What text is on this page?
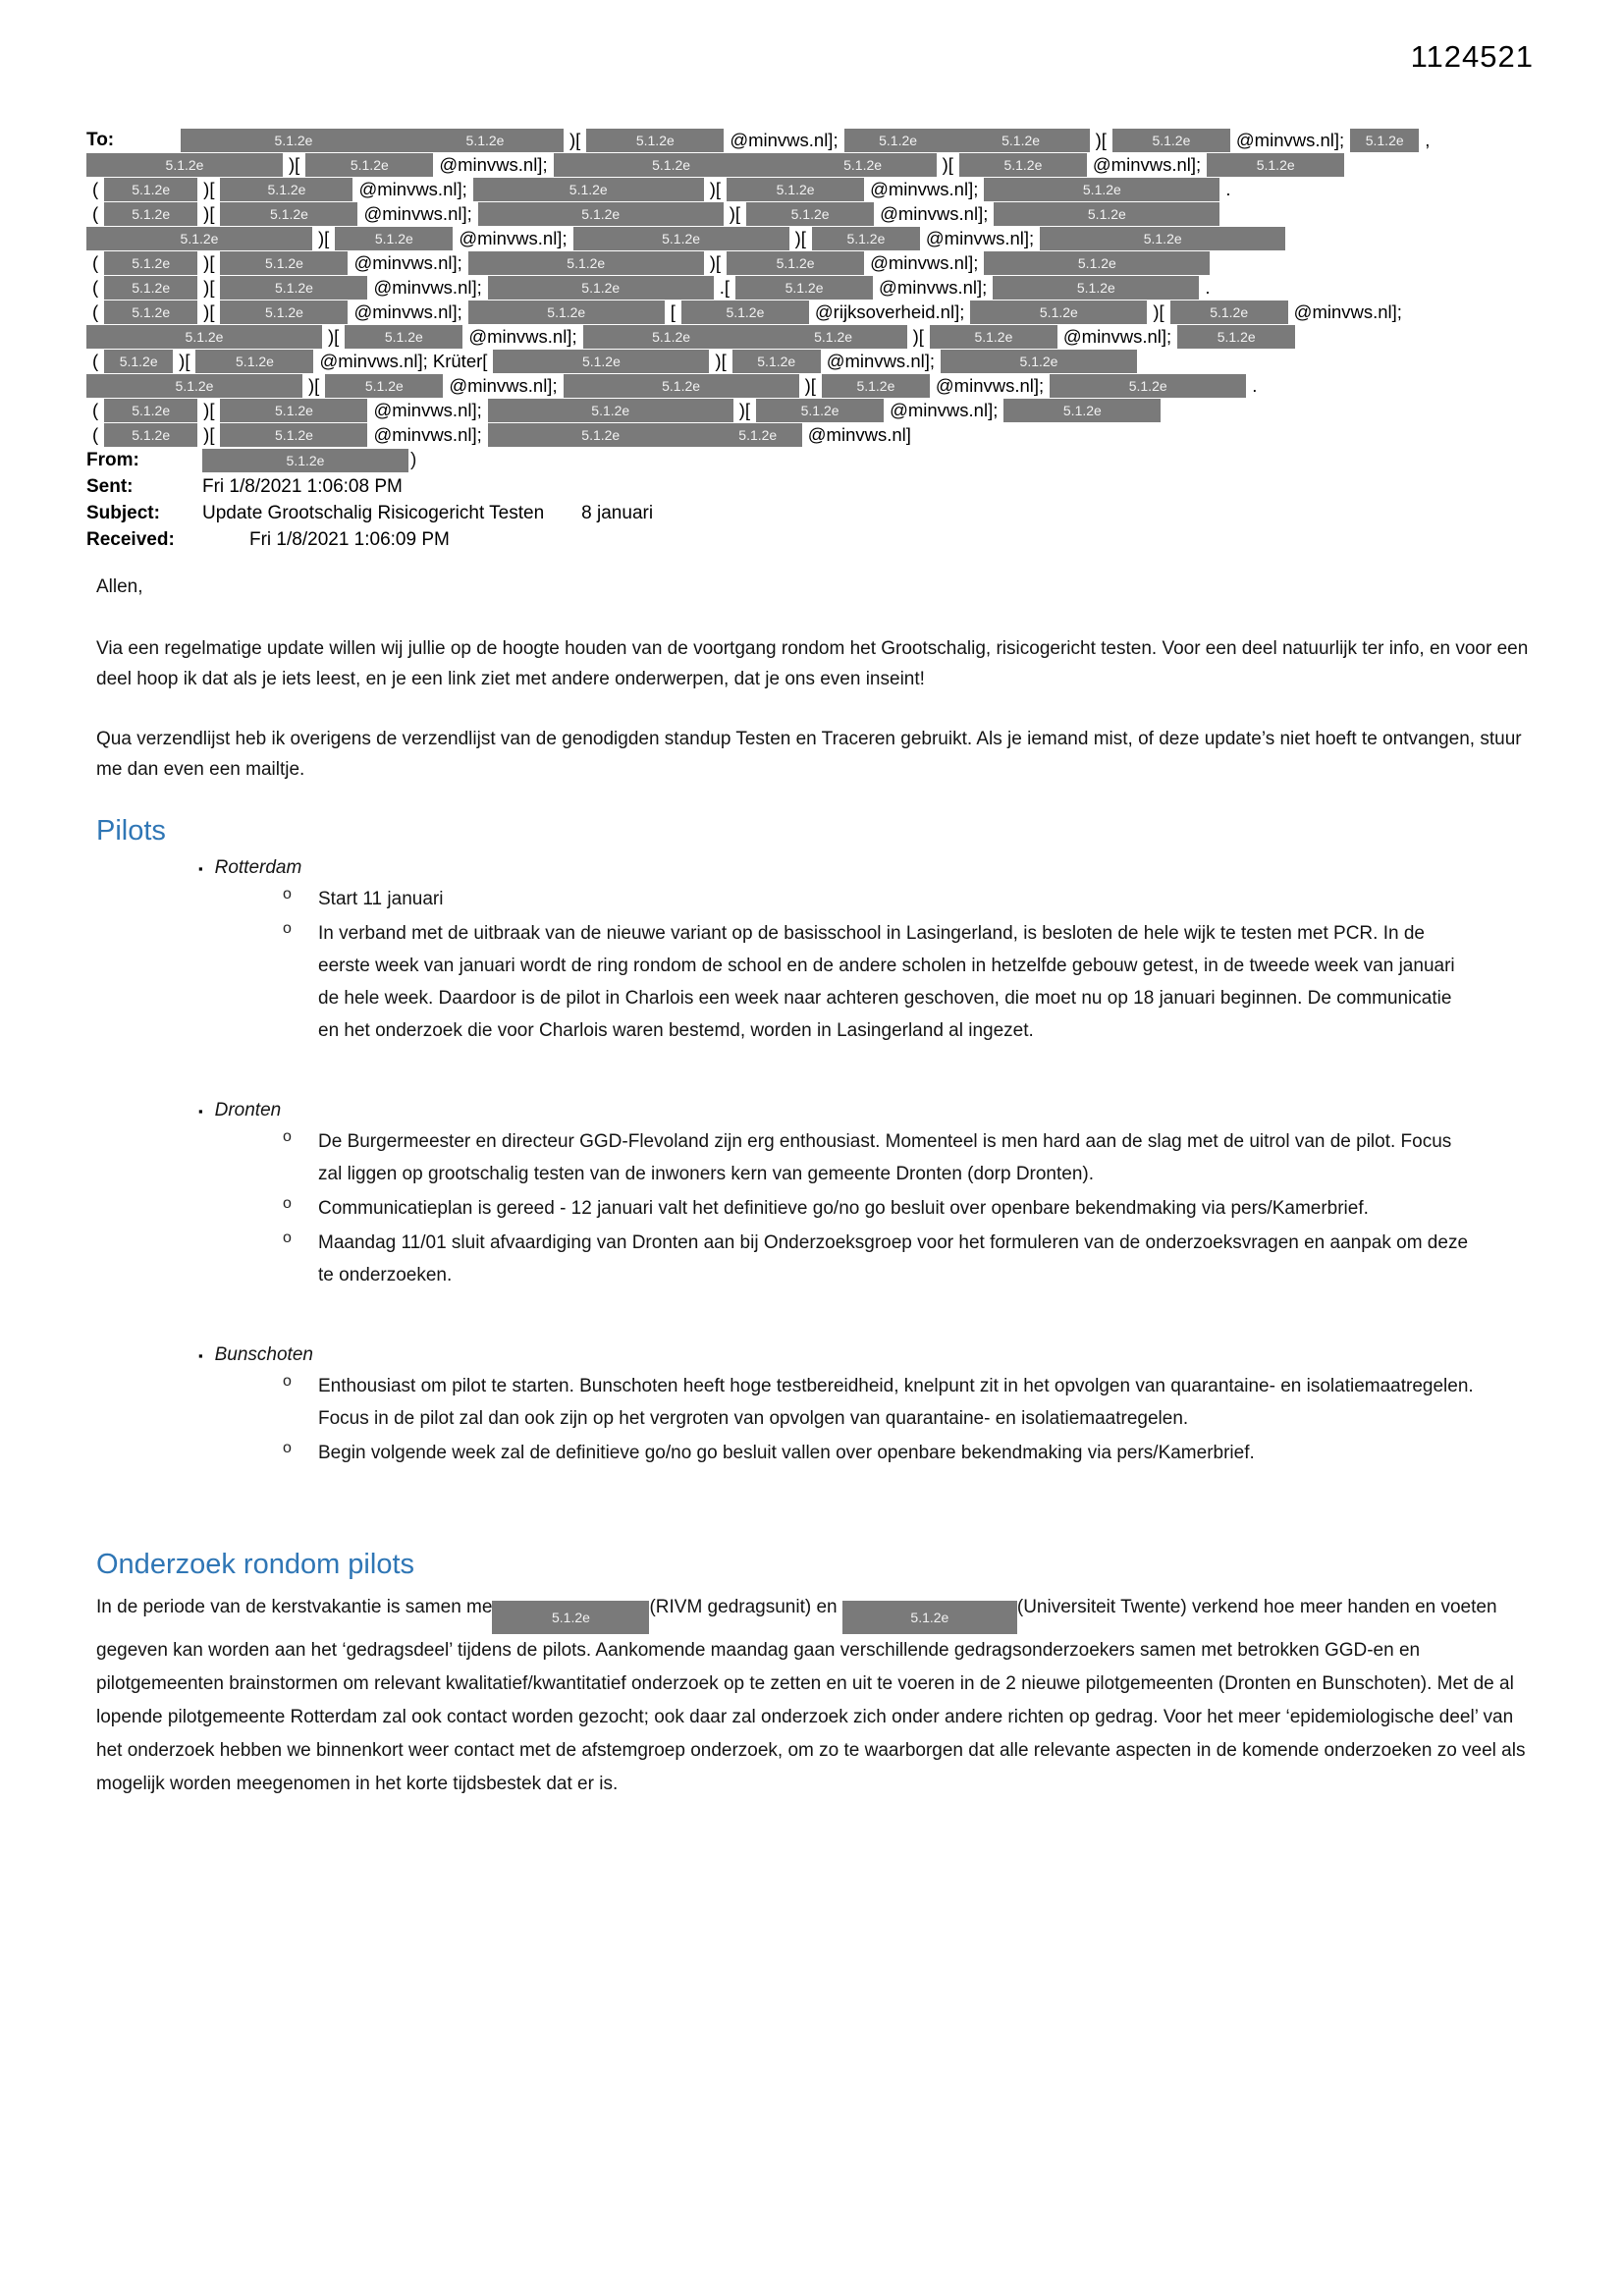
1124521
To:	5.1.2e	5.1.2e	)[	5.1.2e	@minvws.nl];	5.1.2e	5.1.2e	)[	5.1.2e	@minvws.nl];	5.1.2e	,
5.1.2e	)[	5.1.2e	@minvws.nl];	5.1.2e	5.1.2e	)[	5.1.2e	@minvws.nl];	5.1.2e
(	5.1.2e	)[	5.1.2e	@minvws.nl];	5.1.2e	)[	5.1.2e	@minvws.nl];	5.1.2e	.
(	5.1.2e	)[	5.1.2e	@minvws.nl];	5.1.2e	)[	5.1.2e	@minvws.nl];	5.1.2e
5.1.2e	)[	5.1.2e	@minvws.nl];	5.1.2e	)[	5.1.2e	@minvws.nl];	5.1.2e
(	5.1.2e	)[	5.1.2e	@minvws.nl];	5.1.2e	)[	5.1.2e	@minvws.nl];	5.1.2e
(	5.1.2e	)[	5.1.2e	@minvws.nl];	5.1.2e	.[	5.1.2e	@minvws.nl];	5.1.2e	.
(	5.1.2e	)[	5.1.2e	@minvws.nl];	5.1.2e	[	5.1.2e	@rijksoverheid.nl];	5.1.2e	)[	5.1.2e	@minvws.nl];
5.1.2e	)[	5.1.2e	@minvws.nl];	5.1.2e	5.1.2e	)[	5.1.2e	@minvws.nl];	5.1.2e
(	5.1.2e	)[	5.1.2e	@minvws.nl]; Krüter[	5.1.2e	)[	5.1.2e	@minvws.nl];	5.1.2e
5.1.2e	)[	5.1.2e	@minvws.nl];	5.1.2e	)[	5.1.2e	@minvws.nl];	5.1.2e	.
(	5.1.2e	)[	5.1.2e	@minvws.nl];	5.1.2e	)[	5.1.2e	@minvws.nl];	5.1.2e
(	5.1.2e	)[	5.1.2e	@minvws.nl];	5.1.2e	5.1.2e	@minvws.nl]
From:	5.1.2e	)
Sent:	Fri 1/8/2021 1:06:08 PM
Subject:	Update Grootschalig Risicogericht Testen 8 januari
Received:	Fri 1/8/2021 1:06:09 PM

Allen,

Via een regelmatige update willen wij jullie op de hoogte houden van de voortgang rondom het Grootschalig, risicogericht testen. Voor een deel natuurlijk ter info, en voor een deel hoop ik dat als je iets leest, en je een link ziet met andere onderwerpen, dat je ons even inseint!

Qua verzendlijst heb ik overigens de verzendlijst van de genodigden standup Testen en Traceren gebruikt. Als je iemand mist, of deze update’s niet hoeft te ontvangen, stuur me dan even een mailtje.

Pilots
▪ Rotterdam
o	Start 11 januari
o	In verband met de uitbraak van de nieuwe variant op de basisschool in Lasingerland, is besloten de hele wijk te testen met PCR. In de eerste week van januari wordt de ring rondom de school en de andere scholen in hetzelfde gebouw getest, in de tweede week van januari de hele week. Daardoor is de pilot in Charlois een week naar achteren geschoven, die moet nu op 18 januari beginnen. De communicatie en het onderzoek die voor Charlois waren bestemd, worden in Lasingerland al ingezet.
▪ Dronten
o	De Burgermeester en directeur GGD-Flevoland zijn erg enthousiast. Momenteel is men hard aan de slag met de uitrol van de pilot. Focus zal liggen op grootschalig testen van de inwoners kern van gemeente Dronten (dorp Dronten).
o	Communicatieplan is gereed - 12 januari valt het definitieve go/no go besluit over openbare bekendmaking via pers/Kamerbrief.
o	Maandag 11/01 sluit afvaardiging van Dronten aan bij Onderzoeksgroep voor het formuleren van de onderzoeksvragen en aanpak om deze te onderzoeken.
▪ Bunschoten
o	Enthousiast om pilot te starten. Bunschoten heeft hoge testbereidheid, knelpunt zit in het opvolgen van quarantaine- en isolatiemaatregelen. Focus in de pilot zal dan ook zijn op het vergroten van opvolgen van quarantaine- en isolatiemaatregelen.
o	Begin volgende week zal de definitieve go/no go besluit vallen over openbare bekendmaking via pers/Kamerbrief.
Onderzoek rondom pilots

In de periode van de kerstvakantie is samen me	5.1.2e	(RIVM gedragsunit) en	5.1.2e	(Universiteit Twente) verkend hoe meer handen en voeten gegeven kan worden aan het ‘gedragsdeel’ tijdens de pilots. Aankomende maandag gaan verschillende gedragsonderzoekers samen met betrokken GGD-en en pilotgemeenten brainstormen om relevant kwalitatief/kwantitatief onderzoek op te zetten en uit te voeren in de 2 nieuwe pilotgemeenten (Dronten en Bunschoten). Met de al lopende pilotgemeente Rotterdam zal ook contact worden gezocht; ook daar zal onderzoek zich onder andere richten op gedrag. Voor het meer ‘epidemiologische deel’ van het onderzoek hebben we binnenkort weer contact met de afstemgroep onderzoek, om zo te waarborgen dat alle relevante aspecten in de komende onderzoeken zo veel als mogelijk worden meegenomen in het korte tijdsbestek dat er is.
